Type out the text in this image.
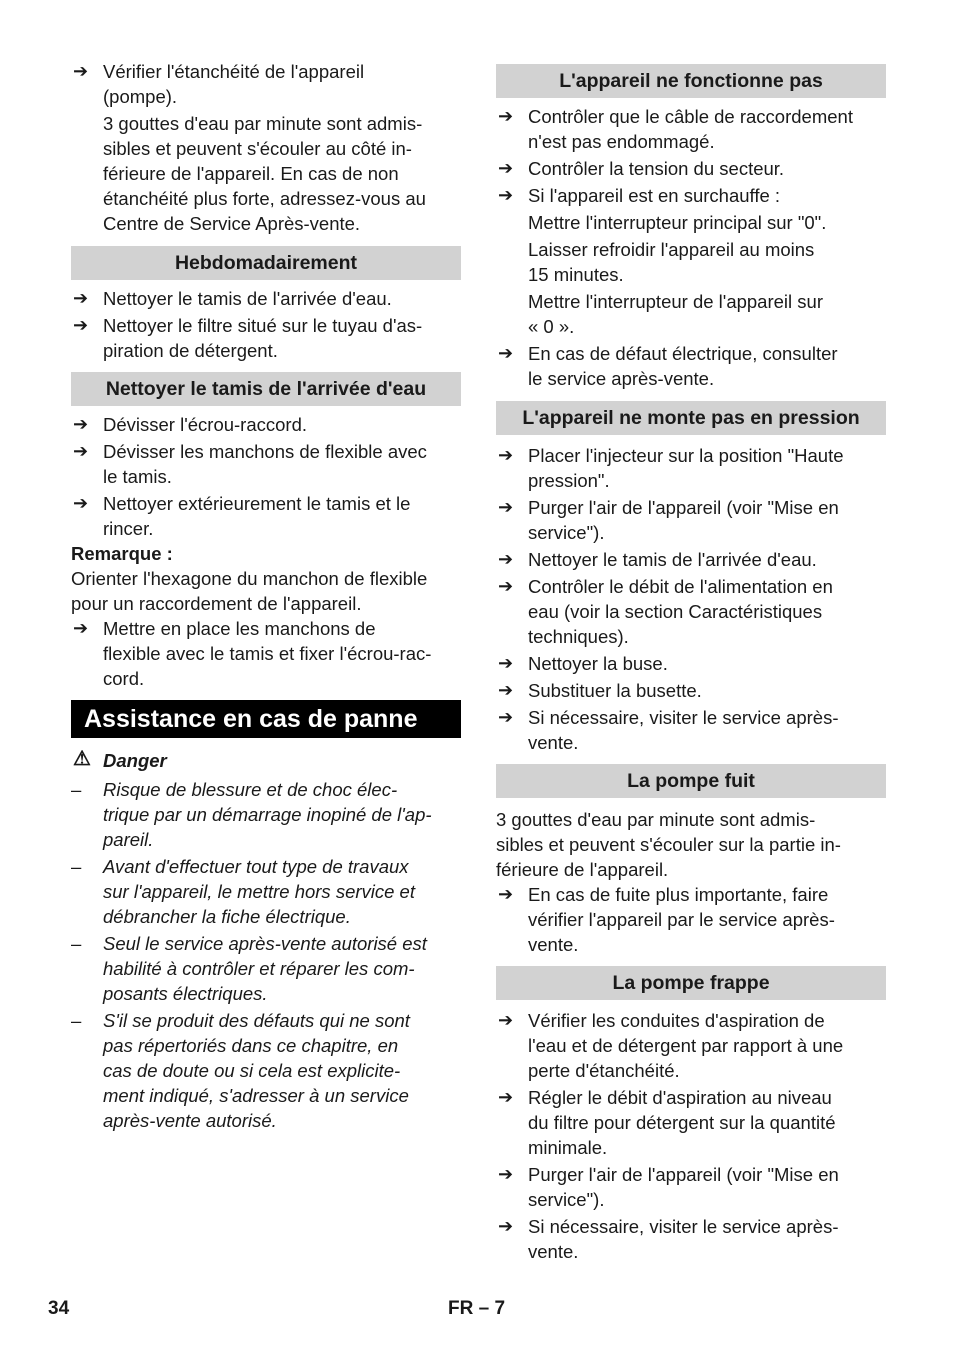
➔ Vérifier l'étanchéité de l'appareil
(pompe).
3 gouttes d'eau par minute sont admis-
sibles et peuvent s'écouler au côté in-
férieure de l'appareil. En cas de non
étanchéité plus forte, adressez-vous au
Centre de Service Après-vente.
Hebdomadairement
➔ Nettoyer le tamis de l'arrivée d'eau.
➔ Nettoyer le filtre situé sur le tuyau d'as-
piration de détergent.
Nettoyer le tamis de l'arrivée d'eau
➔ Dévisser l'écrou-raccord.
➔ Dévisser les manchons de flexible avec
le tamis.
➔ Nettoyer extérieurement le tamis et le
rincer.
Remarque :
Orienter l'hexagone du manchon de flexible
pour un raccordement de l'appareil.
➔ Mettre en place les manchons de
flexible avec le tamis et fixer l'écrou-rac-
cord.
Assistance en cas de panne
⚠ Danger
– Risque de blessure et de choc élec-
trique par un démarrage inopiné de l'ap-
pareil.
– Avant d'effectuer tout type de travaux
sur l'appareil, le mettre hors service et
débrancher la fiche électrique.
– Seul le service après-vente autorisé est
habilité à contrôler et réparer les com-
posants électriques.
– S'il se produit des défauts qui ne sont
pas répertoriés dans ce chapitre, en
cas de doute ou si cela est explicite-
ment indiqué, s'adresser à un service
après-vente autorisé.
L'appareil ne fonctionne pas
➔ Contrôler que le câble de raccordement
n'est pas endommagé.
➔ Contrôler la tension du secteur.
➔ Si l'appareil est en surchauffe :
Mettre l'interrupteur principal sur "0".
Laisser refroidir l'appareil au moins
15 minutes.
Mettre l'interrupteur de l'appareil sur
« 0 ».
➔ En cas de défaut électrique, consulter
le service après-vente.
L'appareil ne monte pas en pression
➔ Placer l'injecteur sur la position "Haute
pression".
➔ Purger l'air de l'appareil (voir "Mise en
service").
➔ Nettoyer le tamis de l'arrivée d'eau.
➔ Contrôler le débit de l'alimentation en
eau (voir la section Caractéristiques
techniques).
➔ Nettoyer la buse.
➔ Substituer la busette.
➔ Si nécessaire, visiter le service après-
vente.
La pompe fuit
3 gouttes d'eau par minute sont admis-
sibles et peuvent s'écouler sur la partie in-
férieure de l'appareil.
➔ En cas de fuite plus importante, faire
vérifier l'appareil par le service après-
vente.
La pompe frappe
➔ Vérifier les conduites d'aspiration de
l'eau et de détergent par rapport à une
perte d'étanchéité.
➔ Régler le débit d'aspiration au niveau
du filtre pour détergent sur la quantité
minimale.
➔ Purger l'air de l'appareil (voir "Mise en
service").
➔ Si nécessaire, visiter le service après-
vente.
34	FR – 7
